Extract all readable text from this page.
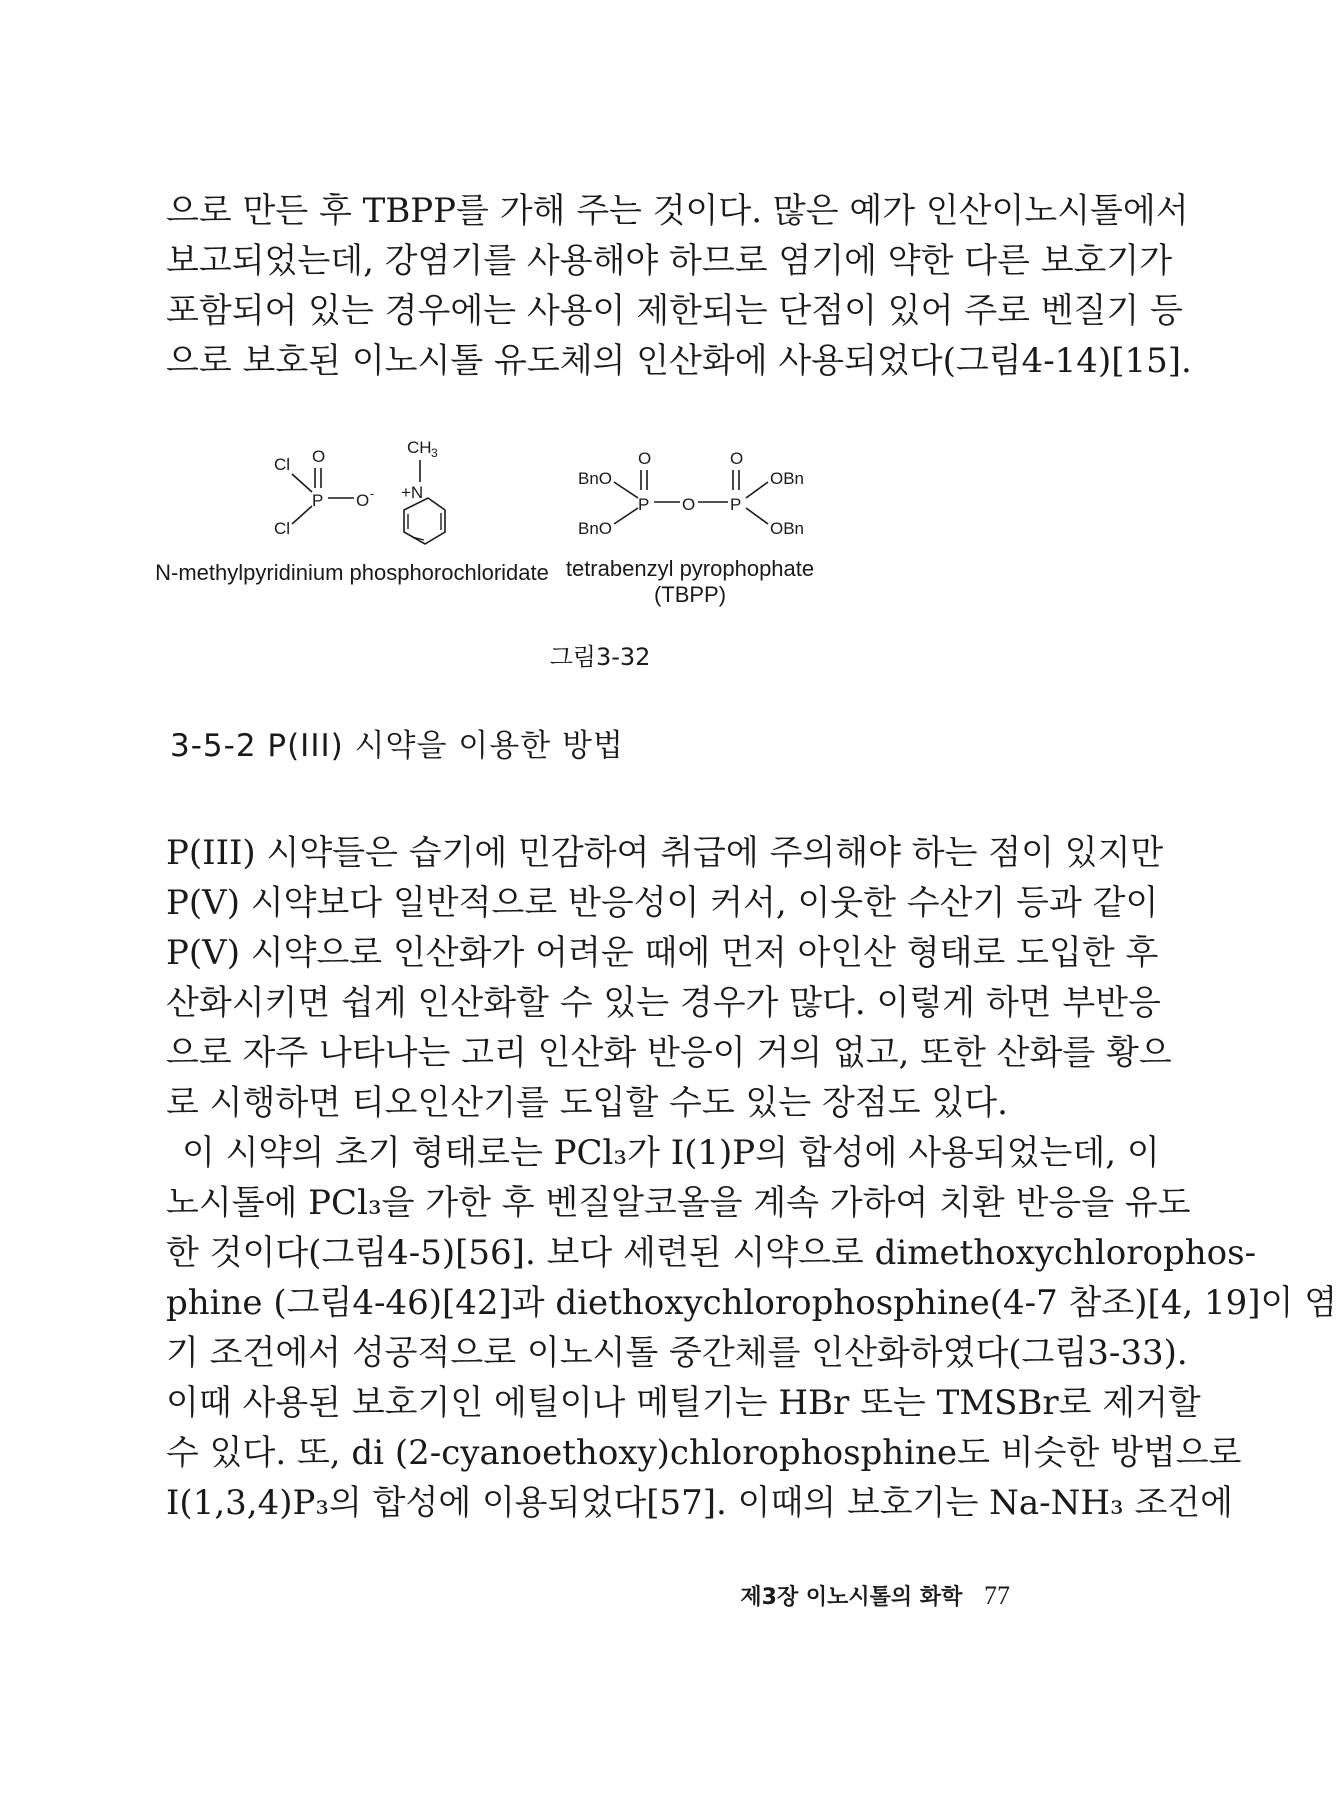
으로 만든 후 TBPP를 가해 주는 것이다. 많은 예가 인산이노시톨에서
보고되었는데, 강염기를 사용해야 하므로 염기에 약한 다른 보호기가
포함되어 있는 경우에는 사용이 제한되는 단점이 있어 주로 벤질기 등
으로 보호된 이노시톨 유도체의 인산화에 사용되었다(그림4-14)[15].
Cl
Cl
P
O
O -
CH 3
+N
BnO
BnO
P
O
O P
O
OBn
OBn
N-methylpyridinium phosphorochloridate tetrabenzyl pyrophophate
(TBPP)
그림3-32
3-5-2 P(III) 시약을 이용한 방법
P(III) 시약들은 습기에 민감하여 취급에 주의해야 하는 점이 있지만
P(V) 시약보다 일반적으로 반응성이 커서, 이웃한 수산기 등과 같이
P(V) 시약으로 인산화가 어려운 때에 먼저 아인산 형태로 도입한 후
산화시키면 쉽게 인산화할 수 있는 경우가 많다. 이렇게 하면 부반응
으로 자주 나타나는 고리 인산화 반응이 거의 없고, 또한 산화를 황으
로 시행하면 티오인산기를 도입할 수도 있는 장점도 있다.
이 시약의 초기 형태로는 PCl₃가 I(1)P의 합성에 사용되었는데, 이
노시톨에 PCl₃을 가한 후 벤질알코올을 계속 가하여 치환 반응을 유도
한 것이다(그림4-5)[56]. 보다 세련된 시약으로 dimethoxychlorophos-
phine (그림4-46)[42]과 diethoxychlorophosphine(4-7 참조)[4, 19]이 염
기 조건에서 성공적으로 이노시톨 중간체를 인산화하였다(그림3-33).
이때 사용된 보호기인 에틸이나 메틸기는 HBr 또는 TMSBr로 제거할
수 있다. 또, di (2-cyanoethoxy)chlorophosphine도 비슷한 방법으로
I(1,3,4)P₃의 합성에 이용되었다[57]. 이때의 보호기는 Na-NH₃ 조건에
제3장 이노시톨의 화학 77
